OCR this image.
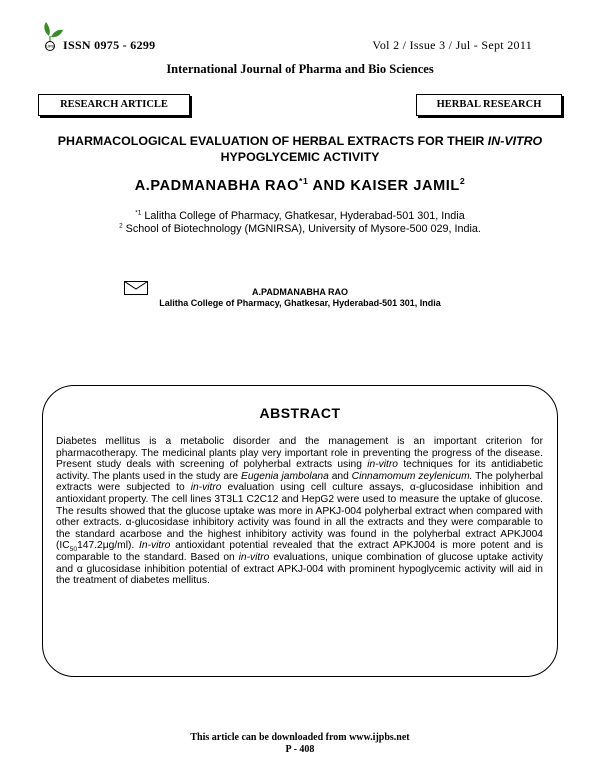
IJPB ISSN 0975 - 6299	Vol 2 / Issue 3 / Jul - Sept 2011
International Journal of Pharma and Bio Sciences
RESEARCH ARTICLE	HERBAL RESEARCH
PHARMACOLOGICAL EVALUATION OF HERBAL EXTRACTS FOR THEIR IN-VITRO HYPOGLYCEMIC ACTIVITY
A.PADMANABHA RAO$^{*1}$ AND KAISER JAMIL$^2$
$^{*1}$ Lalitha College of Pharmacy, Ghatkesar, Hyderabad-501 301, India
$^2$ School of Biotechnology (MGNIRSA), University of Mysore-500 029, India.
A.PADMANABHA RAO
Lalitha College of Pharmacy, Ghatkesar, Hyderabad-501 301, India
ABSTRACT
Diabetes mellitus is a metabolic disorder and the management is an important criterion for pharmacotherapy. The medicinal plants play very important role in preventing the progress of the disease. Present study deals with screening of polyherbal extracts using in-vitro techniques for its antidiabetic activity. The plants used in the study are Eugenia jambolana and Cinnamomum zeylenicum. The polyherbal extracts were subjected to in-vitro evaluation using cell culture assays, α-glucosidase inhibition and antioxidant property. The cell lines 3T3L1 C2C12 and HepG2 were used to measure the uptake of glucose. The results showed that the glucose uptake was more in APKJ-004 polyherbal extract when compared with other extracts. α-glucosidase inhibitory activity was found in all the extracts and they were comparable to the standard acarbose and the highest inhibitory activity was found in the polyherbal extract APKJ004 $(IC_{50}147.2\mu g/ml)$. In-vitro antioxidant potential revealed that the extract APKJ004 is more potent and is comparable to the standard. Based on in-vitro evaluations, unique combination of glucose uptake activity and α glucosidase inhibition potential of extract APKJ-004 with prominent hypoglycemic activity will aid in the treatment of diabetes mellitus.
This article can be downloaded from www.ijpbs.net
P - 408
